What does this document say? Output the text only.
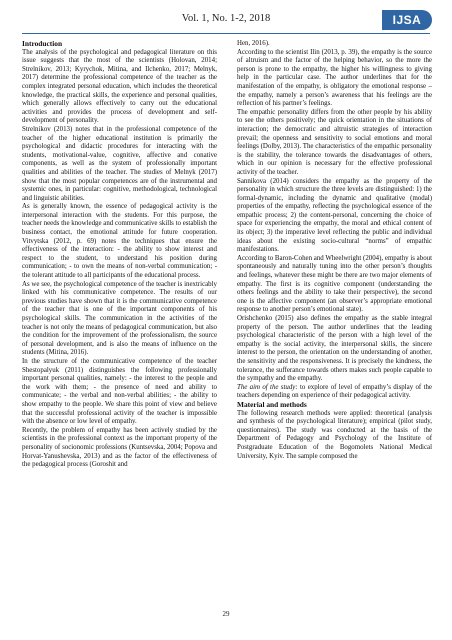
Vol. 1, No. 1-2, 2018	IJSA

Introduction

The analysis of the psychological and pedagogical literature on this issue suggests that the most of the scientists (Holovan, 2014; Strelnikov, 2013; Kyrychok, Mitina, and Ilchenko, 2017; Melnyk, 2017) determine the professional competence of the teacher as the complex integrated personal education, which includes the theoretical knowledge, the practical skills, the experience and personal qualities, which generally allows effectively to carry out the educational activities and provides the process of development and self-development of personality.

Strelnikov (2013) notes that in the professional competence of the teacher of the higher educational institution is primarily the psychological and didactic procedures for interacting with the students, motivational-value, cognitive, affective and conative components, as well as the system of professionally important qualities and abilities of the teacher. The studies of Melnyk (2017) show that the most popular competences are of the instrumental and systemic ones, in particular: cognitive, methodological, technological and linguistic abilities.

As is generally known, the essence of pedagogical activity is the interpersonal interaction with the students. For this purpose, the teacher needs the knowledge and communicative skills to establish the business contact, the emotional attitude for future cooperation. Vitvytska (2012, p. 69) notes the techniques that ensure the effectiveness of the interaction: - the ability to show interest and respect to the student, to understand his position during communication; - to own the means of non-verbal communication; - the tolerant attitude to all participants of the educational process.

As we see, the psychological competence of the teacher is inextricably linked with his communicative competence. The results of our previous studies have shown that it is the communicative competence of the teacher that is one of the important components of his psychological skills. The communication in the activities of the teacher is not only the means of pedagogical communication, but also the condition for the improvement of the professionalism, the source of personal development, and is also the means of influence on the students (Mitina, 2016).

In the structure of the communicative competence of the teacher Shestopalyuk (2011) distinguishes the following professionally important personal qualities, namely: - the interest to the people and the work with them; - the presence of need and ability to communicate; - the verbal and non-verbal abilities; - the ability to show empathy to the people. We share this point of view and believe that the successful professional activity of the teacher is impossible with the absence or low level of empathy.

Recently, the problem of empathy has been actively studied by the scientists in the professional context as the important property of the personality of socionomic professions (Kuntsevska, 2004; Popova and Horvat-Yanushevska, 2013) and as the factor of the effectiveness of the pedagogical process (Goroshit and

Hen, 2016).

According to the scientist Ilin (2013, p. 39), the empathy is the source of altruism and the factor of the helping behavior, so the more the person is prone to the empathy, the higher his willingness to giving help in the particular case. The author underlines that for the manifestation of the empathy, is obligatory the emotional response – the empathy, namely a person’s awareness that his feelings are the reflection of his partner’s feelings.

The empathic personality differs from the other people by his ability to see the others positively; the quick orientation in the situations of interaction; the democratic and altruistic strategies of interaction prevail; the openness and sensitivity to social emotions and moral feelings (Dolby, 2013). The characteristics of the empathic personality is the stability, the tolerance towards the disadvantages of others, which in our opinion is necessary for the effective professional activity of the teacher.

Sannikova (2014) considers the empathy as the property of the personality in which structure the three levels are distinguished: 1) the formal-dynamic, including the dynamic and qualitative (modal) properties of the empathy, reflecting the psychological essence of the empathic process; 2) the content-personal, concerning the choice of space for experiencing the empathy, the moral and ethical content of its object; 3) the imperative level reflecting the public and individual ideas about the existing socio-cultural “norms” of empathic manifestations.

According to Baron-Cohen and Wheelwright (2004), empathy is about spontaneously and naturally tuning into the other person’s thoughts and feelings, whatever these might be there are two major elements of empathy. The first is its cognitive component (understanding the others feelings and the ability to take their perspective), the second one is the affective component (an observer’s appropriate emotional response to another person’s emotional state).

Orishchenko (2015) also defines the empathy as the stable integral property of the person. The author underlines that the leading psychological characteristic of the person with a high level of the empathy is the social activity, the interpersonal skills, the sincere interest to the person, the orientation on the understanding of another, the sensitivity and the responsiveness. It is precisely the kindness, the tolerance, the sufferance towards others makes such people capable to the sympathy and the empathy.

The aim of the study: to explore of level of empathy’s display of the teachers depending on experience of their pedagogical activity.

Material and methods

The following research methods were applied: theoretical (analysis and synthesis of the psychological literature); empirical (pilot study, questionnaires). The study was conducted at the basis of the Department of Pedagogy and Psychology of the Institute of Postgraduate Education of the Bogomolets National Medical University, Kyiv. The sample composed the

29
